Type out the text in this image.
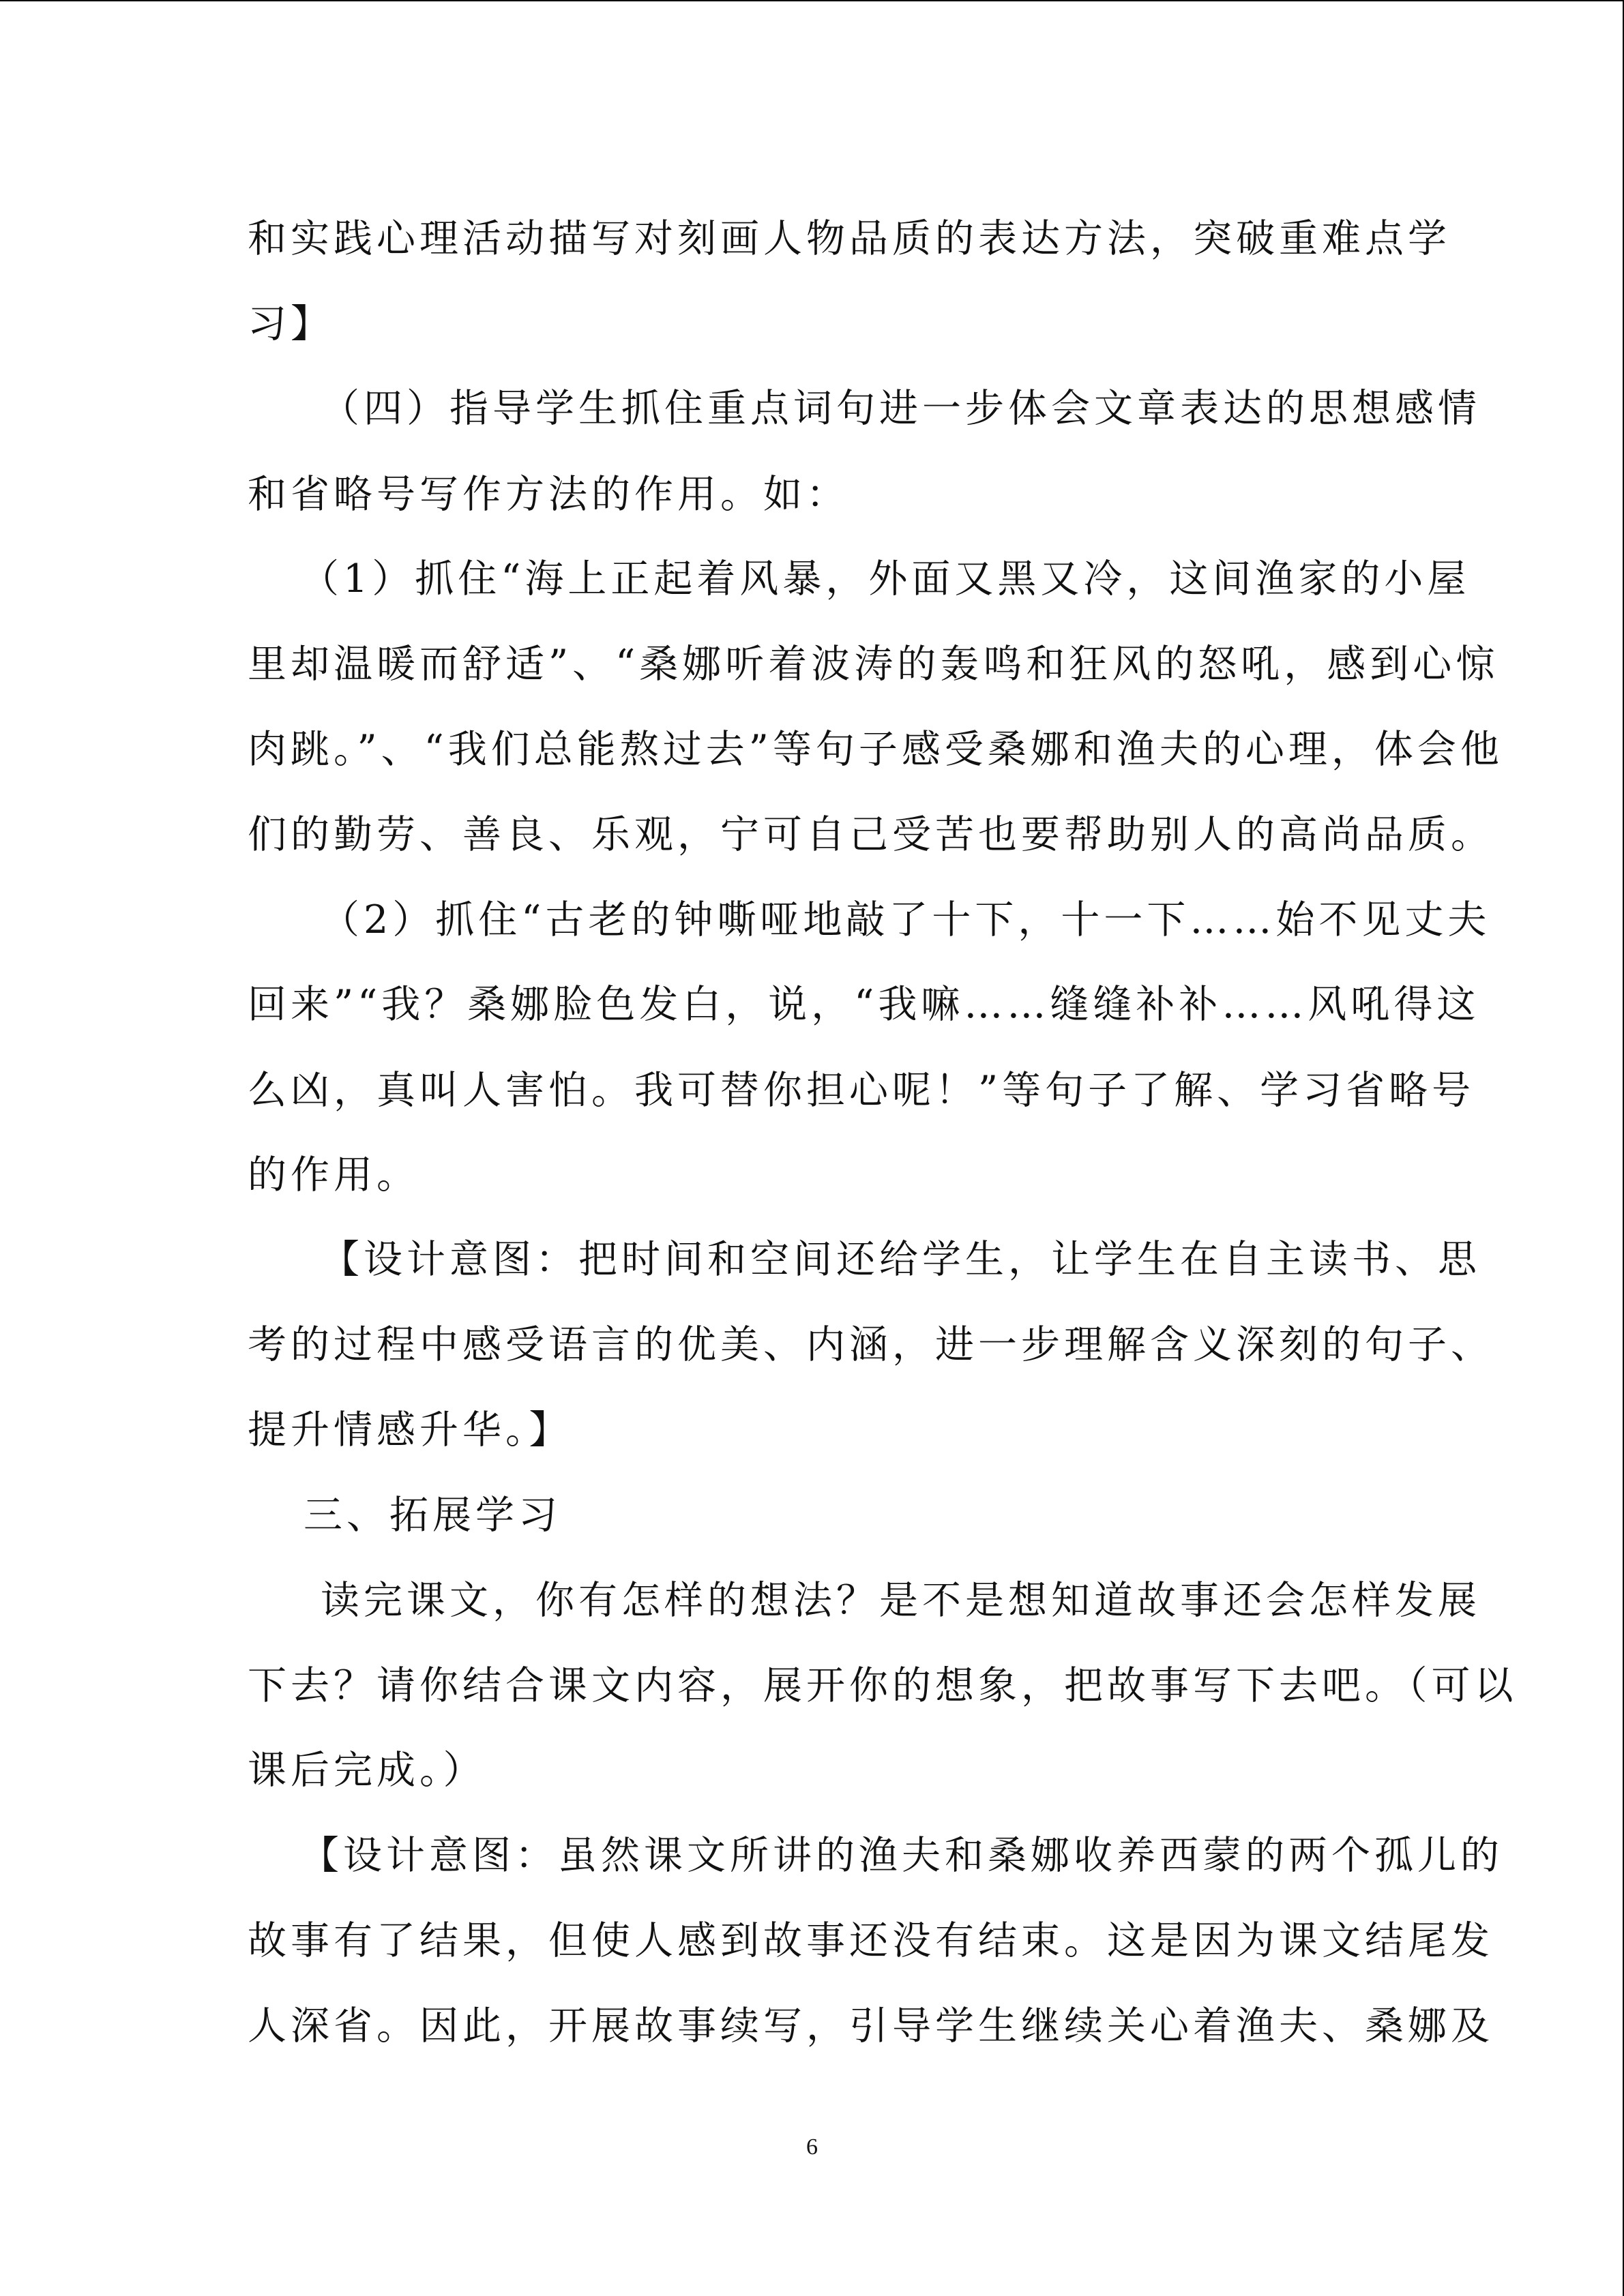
和实践心理活动描写对刻画人物品质的表达方法，突破重难点学
习】
（四）指导学生抓住重点词句进一步体会文章表达的思想感情
和省略号写作方法的作用。如：
（1）抓住“海上正起着风暴，外面又黑又冷，这间渔家的小屋
里却温暖而舒适”、“桑娜听着波涛的轰鸣和狂风的怒吼，感到心惊
肉跳。”、“我们总能熬过去”等句子感受桑娜和渔夫的心理，体会他
们的勤劳、善良、乐观，宁可自己受苦也要帮助别人的高尚品质。
（2）抓住“古老的钟嘶哑地敲了十下，十一下……始不见丈夫
回来”“我？桑娜脸色发白，说，“我嘛……缝缝补补……风吼得这
么凶，真叫人害怕。我可替你担心呢！”等句子了解、学习省略号
的作用。
【设计意图：把时间和空间还给学生，让学生在自主读书、思
考的过程中感受语言的优美、内涵，进一步理解含义深刻的句子、
提升情感升华。】
三、拓展学习
读完课文，你有怎样的想法？是不是想知道故事还会怎样发展
下去？请你结合课文内容，展开你的想象，把故事写下去吧。（可以
课后完成。）
【设计意图：虽然课文所讲的渔夫和桑娜收养西蒙的两个孤儿的
故事有了结果，但使人感到故事还没有结束。这是因为课文结尾发
人深省。因此，开展故事续写，引导学生继续关心着渔夫、桑娜及
6
